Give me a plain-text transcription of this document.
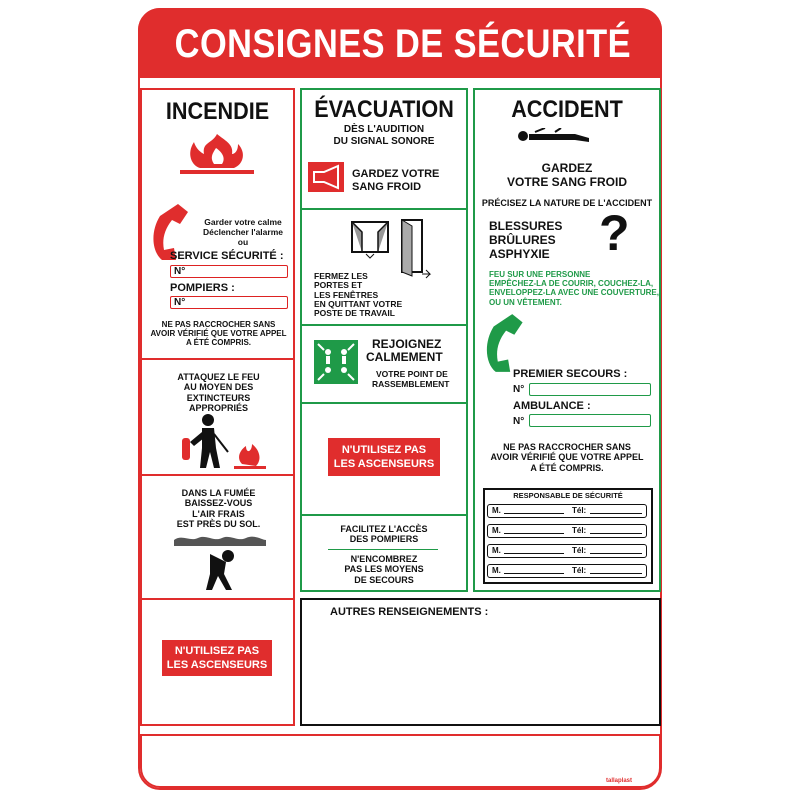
CONSIGNES DE SÉCURITÉ
INCENDIE
Garder votre calme
Déclencher l'alarme
ou
SERVICE SÉCURITÉ :
N°
POMPIERS :
N°
NE PAS RACCROCHER SANS
AVOIR VÉRIFIÉ QUE VOTRE APPEL
A ÉTÉ COMPRIS.
ATTAQUEZ LE FEU
AU MOYEN DES
EXTINCTEURS
APPROPRIÉS
DANS LA FUMÉE
BAISSEZ-VOUS
L'AIR FRAIS
EST PRÈS DU SOL.
N'UTILISEZ PAS
LES ASCENSEURS
ÉVACUATION
DÈS L'AUDITION
DU SIGNAL SONORE
GARDEZ VOTRE
SANG FROID
FERMEZ LES
PORTES ET
LES FENÊTRES
EN QUITTANT VOTRE
POSTE DE TRAVAIL
REJOIGNEZ
CALMEMENT
VOTRE POINT DE
RASSEMBLEMENT
N'UTILISEZ PAS
LES ASCENSEURS
FACILITEZ L'ACCÈS
DES POMPIERS
N'ENCOMBREZ
PAS LES MOYENS
DE SECOURS
ACCIDENT
GARDEZ
VOTRE SANG FROID
PRÉCISEZ LA NATURE DE L'ACCIDENT
BLESSURES
BRÛLURES
ASPHYXIE ?
FEU SUR UNE PERSONNE
EMPÊCHEZ-LA DE COURIR, COUCHEZ-LA,
ENVELOPPEZ-LA AVEC UNE COUVERTURE,
OU UN VÊTEMENT.
PREMIER SECOURS :
N°
AMBULANCE :
N°
NE PAS RACCROCHER SANS
AVOIR VÉRIFIÉ QUE VOTRE APPEL
A ÉTÉ COMPRIS.
RESPONSABLE DE SÉCURITÉ
M.	Tél:
M.	Tél:
M.	Tél:
M.	Tél:
AUTRES RENSEIGNEMENTS :
tallaplast
